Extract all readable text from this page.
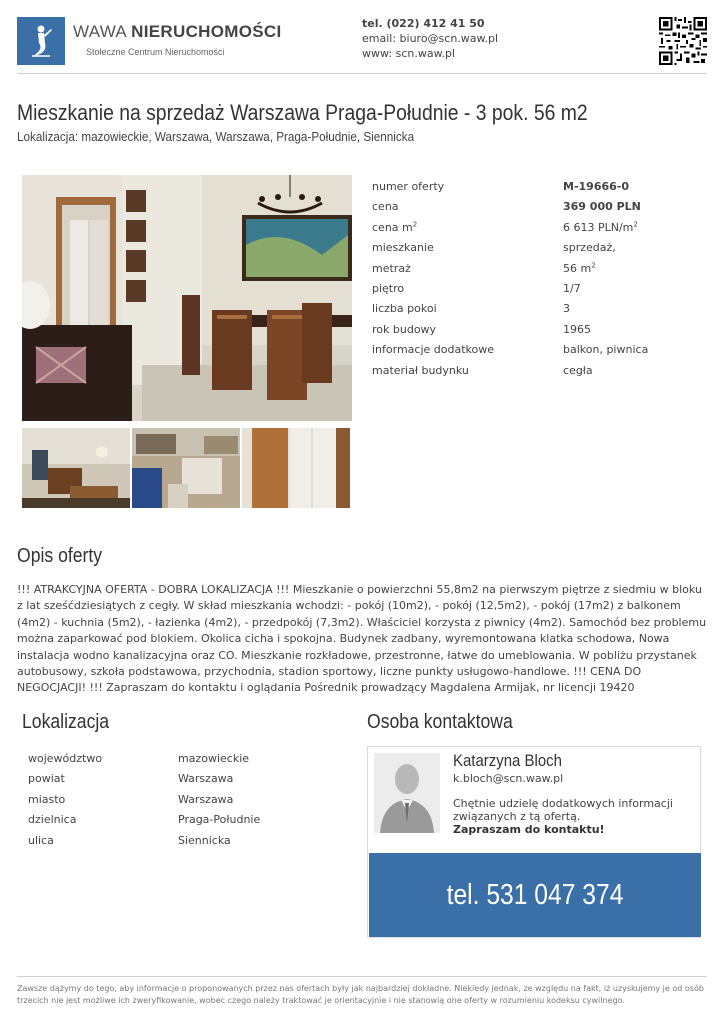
WAWA NIERUCHOMOŚCI
Stołeczne Centrum Nieruchomości
tel. (022) 412 41 50
email: biuro@scn.waw.pl
www: scn.waw.pl
Mieszkanie na sprzedaż Warszawa Praga-Południe - 3 pok. 56 m2
Lokalizacja: mazowieckie, Warszawa, Warszawa, Praga-Południe, Siennicka
numer oferty	M-19666-0
cena	369 000 PLN
cena $m^2$	6 613 PLN/$m^2$
mieszkanie	sprzedaż,
metraż	56 $m^2$
piętro	1/7
liczba pokoi	3
rok budowy	1965
informacje dodatkowe	balkon, piwnica
materiał budynku	cegła
Opis oferty
!!! ATRAKCYJNA OFERTA - DOBRA LOKALIZACJA !!! Mieszkanie o powierzchni 55,8m2 na pierwszym piętrze z siedmiu w bloku z lat sześćdziesiątych z cegły. W skład mieszkania wchodzi: - pokój (10m2), - pokój (12,5m2), - pokój (17m2) z balkonem (4m2) - kuchnia (5m2), - łazienka (4m2), - przedpokój (7,3m2). Właściciel korzysta z piwnicy (4m2). Samochód bez problemu można zaparkować pod blokiem. Okolica cicha i spokojna. Budynek zadbany, wyremontowana klatka schodowa, Nowa instalacja wodno kanalizacyjna oraz CO. Mieszkanie rozkładowe, przestronne, łatwe do umeblowania. W pobliżu przystanek autobusowy, szkoła podstawowa, przychodnia, stadion sportowy, liczne punkty usługowo-handlowe. !!! CENA DO NEGOCJACJI! !!! Zapraszam do kontaktu i oglądania Pośrednik prowadzący Magdalena Armijak, nr licencji 19420
Lokalizacja
województwo	mazowieckie
powiat	Warszawa
miasto	Warszawa
dzielnica	Praga-Południe
ulica	Siennicka
Osoba kontaktowa
Katarzyna Bloch
k.bloch@scn.waw.pl
Chętnie udzielę dodatkowych informacji związanych z tą ofertą.
Zapraszam do kontaktu!
tel. 531 047 374
Zawsze dążymy do tego, aby informacje o proponowanych przez nas ofertach były jak najbardziej dokładne. Niekiedy jednak, ze względu na fakt, iż uzyskujemy je od osób trzecich nie jest możliwe ich zweryfikowanie, wobec czego należy traktować je orientacyjnie i nie stanowią one oferty w rozumieniu kodeksu cywilnego.
